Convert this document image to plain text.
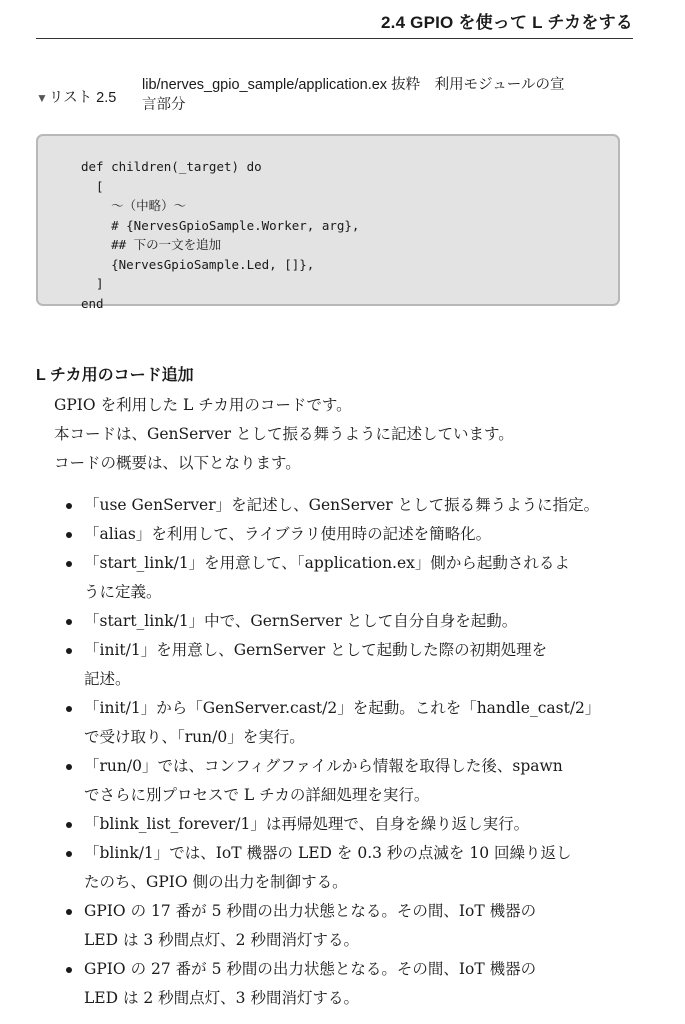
2.4 GPIO を使って L チカをする
▼リスト 2.5
lib/nerves_gpio_sample/application.ex 抜粋　利用モジュールの宣
言部分
def children(_target) do
[
～（中略）～
# {NervesGpioSample.Worker, arg},
## 下の一文を追加
{NervesGpioSample.Led, []},
]
end
L チカ用のコード追加

GPIO を利用した L チカ用のコードです。

本コードは、GenServer として振る舞うように記述しています。

コードの概要は、以下となります。

「use GenServer」を記述し、GenServer として振る舞うように指定。
「alias」を利用して、ライブラリ使用時の記述を簡略化。
「start_link/1」を用意して、「application.ex」側から起動されるよ
うに定義。
「start_link/1」中で、GernServer として自分自身を起動。
「init/1」を用意し、GernServer として起動した際の初期処理を
記述。
「init/1」から「GenServer.cast/2」を起動。これを「handle_cast/2」
で受け取り、「run/0」を実行。
「run/0」では、コンフィグファイルから情報を取得した後、spawn
でさらに別プロセスで L チカの詳細処理を実行。
「blink_list_forever/1」は再帰処理で、自身を繰り返し実行。
「blink/1」では、IoT 機器の LED を 0.3 秒の点滅を 10 回繰り返し
たのち、GPIO 側の出力を制御する。
GPIO の 17 番が 5 秒間の出力状態となる。その間、IoT 機器の
LED は 3 秒間点灯、2 秒間消灯する。
GPIO の 27 番が 5 秒間の出力状態となる。その間、IoT 機器の
LED は 2 秒間点灯、3 秒間消灯する。
